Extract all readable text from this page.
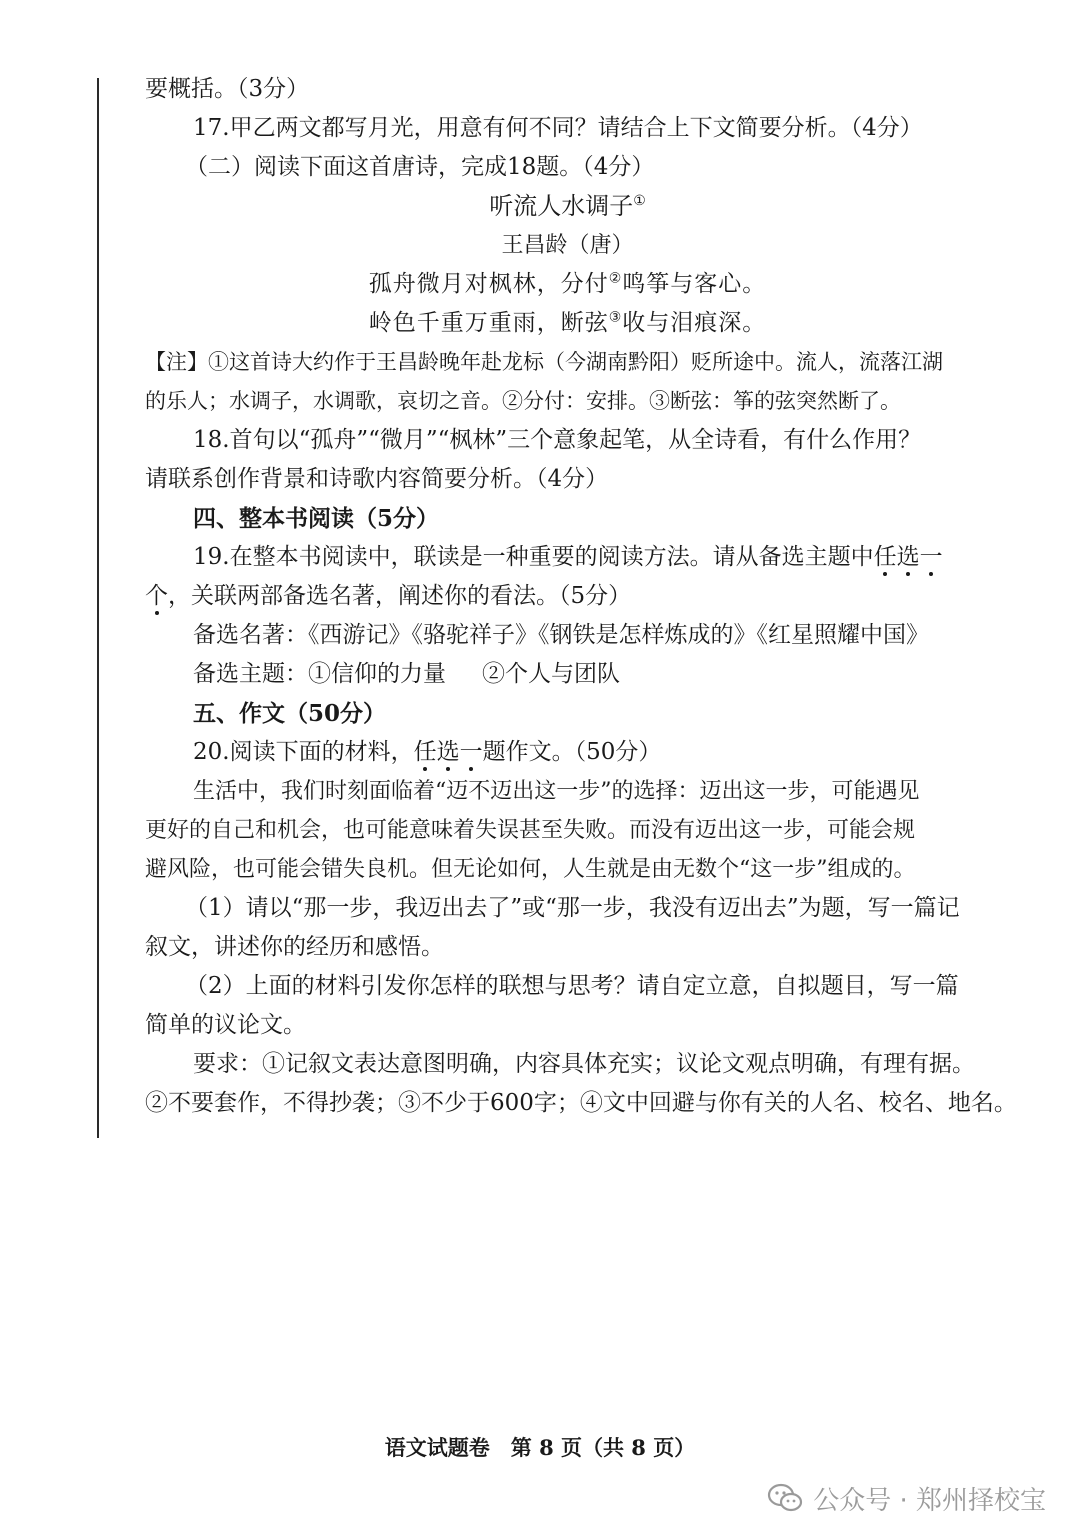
要概括。（3分）

17.甲乙两文都写月光，用意有何不同？请结合上下文简要分析。（4分）

（二）阅读下面这首唐诗，完成18题。（4分）

听流人水调子①

王昌龄（唐）

孤舟微月对枫林，分付②鸣筝与客心。

岭色千重万重雨，断弦③收与泪痕深。

【注】①这首诗大约作于王昌龄晚年赴龙标（今湖南黔阳）贬所途中。流人，流落江湖

的乐人；水调子，水调歌，哀切之音。②分付：安排。③断弦：筝的弦突然断了。

18.首句以“孤舟”“微月”“枫林”三个意象起笔，从全诗看，有什么作用？

请联系创作背景和诗歌内容简要分析。（4分）

四、整本书阅读（5分）

19.在整本书阅读中，联读是一种重要的阅读方法。请从备选主题中任选一

个，关联两部备选名著，阐述你的看法。（5分）

备选名著：《西游记》《骆驼祥子》《钢铁是怎样炼成的》《红星照耀中国》

备选主题：①信仰的力量 ②个人与团队

五、作文（50分）

20.阅读下面的材料，任选一题作文。（50分）

生活中，我们时刻面临着“迈不迈出这一步”的选择：迈出这一步，可能遇见

更好的自己和机会，也可能意味着失误甚至失败。而没有迈出这一步，可能会规

避风险，也可能会错失良机。但无论如何，人生就是由无数个“这一步”组成的。

（1）请以“那一步，我迈出去了”或“那一步，我没有迈出去”为题，写一篇记

叙文，讲述你的经历和感悟。

（2）上面的材料引发你怎样的联想与思考？请自定立意，自拟题目，写一篇

简单的议论文。

要求：①记叙文表达意图明确，内容具体充实；议论文观点明确，有理有据。

②不要套作，不得抄袭；③不少于600字；④文中回避与你有关的人名、校名、地名。

语文试题卷　第 8 页（共 8 页）
公众号 · 郑州择校宝
